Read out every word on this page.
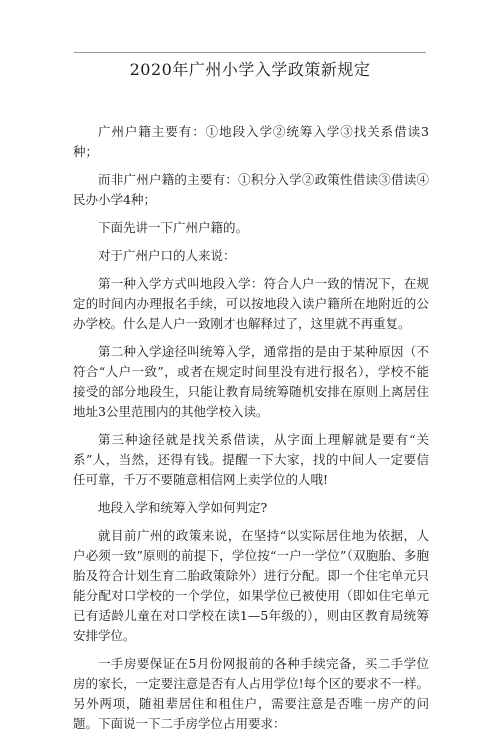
2020年广州小学入学政策新规定

广州户籍主要有：①地段入学②统筹入学③找关系借读3种；

而非广州户籍的主要有：①积分入学②政策性借读③借读④民办小学4种；

下面先讲一下广州户籍的。

对于广州户口的人来说：

第一种入学方式叫地段入学：符合人户一致的情况下，在规定的时间内办理报名手续，可以按地段入读户籍所在地附近的公办学校。什么是人户一致刚才也解释过了，这里就不再重复。

第二种入学途径叫统筹入学，通常指的是由于某种原因（不符合“人户一致”，或者在规定时间里没有进行报名），学校不能接受的部分地段生，只能让教育局统筹随机安排在原则上离居住地址3公里范围内的其他学校入读。

第三种途径就是找关系借读，从字面上理解就是要有“关系”人，当然，还得有钱。提醒一下大家，找的中间人一定要信任可靠，千万不要随意相信网上卖学位的人哦!

地段入学和统筹入学如何判定?

就目前广州的政策来说，在坚持“以实际居住地为依据，人户必须一致”原则的前提下，学位按“一户一学位”（双胞胎、多胞胎及符合计划生育二胎政策除外）进行分配。即一个住宅单元只能分配对口学校的一个学位，如果学位已被使用（即如住宅单元已有适龄儿童在对口学校在读1—5年级的），则由区教育局统筹安排学位。

一手房要保证在5月份网报前的各种手续完备，买二手学位房的家长，一定要注意是否有人占用学位!每个区的要求不一样。另外两项，随祖辈居住和租住户，需要注意是否唯一房产的问题。下面说一下二手房学位占用要求：
